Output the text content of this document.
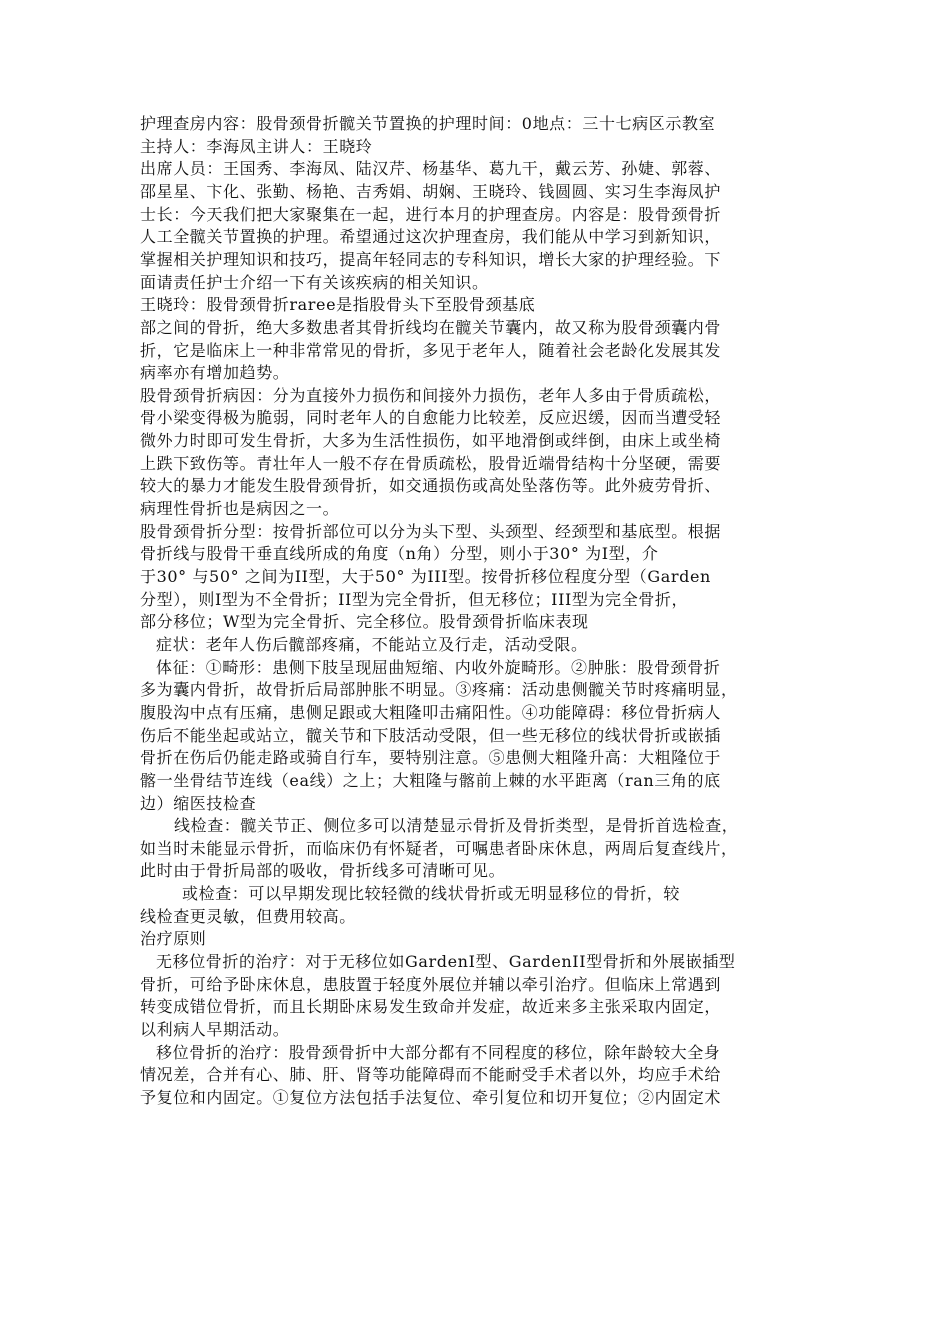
护理查房内容：股骨颈骨折髋关节置换的护理时间：0地点：三十七病区示教室
主持人：李海凤主讲人：王晓玲
出席人员：王国秀、李海凤、陆汉芹、杨基华、葛九干，戴云芳、孙婕、郭蓉、
邵星星、卞化、张勤、杨艳、吉秀娟、胡娴、王晓玲、钱圆圆、实习生李海凤护
士长：今天我们把大家聚集在一起，进行本月的护理查房。内容是：股骨颈骨折
人工全髋关节置换的护理。希望通过这次护理查房，我们能从中学习到新知识，
掌握相关护理知识和技巧，提高年轻同志的专科知识，增长大家的护理经验。下
面请责任护士介绍一下有关该疾病的相关知识。
王晓玲：股骨颈骨折raree是指股骨头下至股骨颈基底
部之间的骨折，绝大多数患者其骨折线均在髋关节囊内，故又称为股骨颈囊内骨
折，它是临床上一种非常常见的骨折，多见于老年人，随着社会老龄化发展其发
病率亦有增加趋势。
股骨颈骨折病因：分为直接外力损伤和间接外力损伤，老年人多由于骨质疏松，
骨小梁变得极为脆弱，同时老年人的自愈能力比较差，反应迟缓，因而当遭受轻
微外力时即可发生骨折，大多为生活性损伤，如平地滑倒或绊倒，由床上或坐椅
上跌下致伤等。青壮年人一般不存在骨质疏松，股骨近端骨结构十分坚硬，需要
较大的暴力才能发生股骨颈骨折，如交通损伤或高处坠落伤等。此外疲劳骨折、
病理性骨折也是病因之一。
股骨颈骨折分型：按骨折部位可以分为头下型、头颈型、经颈型和基底型。根据
骨折线与股骨干垂直线所成的角度（n角）分型，则小于30° 为I型，介
于30° 与50° 之间为II型，大于50° 为III型。按骨折移位程度分型（Garden
分型），则I型为不全骨折；II型为完全骨折，但无移位；III型为完全骨折，
部分移位；W型为完全骨折、完全移位。股骨颈骨折临床表现
症状：老年人伤后髋部疼痛，不能站立及行走，活动受限。
体征：①畸形：患侧下肢呈现屈曲短缩、内收外旋畸形。②肿胀：股骨颈骨折
多为囊内骨折，故骨折后局部肿胀不明显。③疼痛：活动患侧髋关节时疼痛明显，
腹股沟中点有压痛，患侧足跟或大粗隆叩击痛阳性。④功能障碍：移位骨折病人
伤后不能坐起或站立，髋关节和下肢活动受限，但一些无移位的线状骨折或嵌插
骨折在伤后仍能走路或骑自行车，要特别注意。⑤患侧大粗隆升高：大粗隆位于
髂一坐骨结节连线（ea线）之上；大粗隆与髂前上棘的水平距离（ran三角的底
边）缩医技检查
线检查：髋关节正、侧位多可以清楚显示骨折及骨折类型，是骨折首选检查，
如当时未能显示骨折，而临床仍有怀疑者，可嘱患者卧床休息，两周后复查线片，
此时由于骨折局部的吸收，骨折线多可清晰可见。
或检查：可以早期发现比较轻微的线状骨折或无明显移位的骨折，较
线检查更灵敏，但费用较高。
治疗原则
无移位骨折的治疗：对于无移位如GardenI型、GardenII型骨折和外展嵌插型
骨折，可给予卧床休息，患肢置于轻度外展位并辅以牵引治疗。但临床上常遇到
转变成错位骨折，而且长期卧床易发生致命并发症，故近来多主张采取内固定，
以利病人早期活动。
移位骨折的治疗：股骨颈骨折中大部分都有不同程度的移位，除年龄较大全身
情况差，合并有心、肺、肝、肾等功能障碍而不能耐受手术者以外，均应手术给
予复位和内固定。①复位方法包括手法复位、牵引复位和切开复位；②内固定术
